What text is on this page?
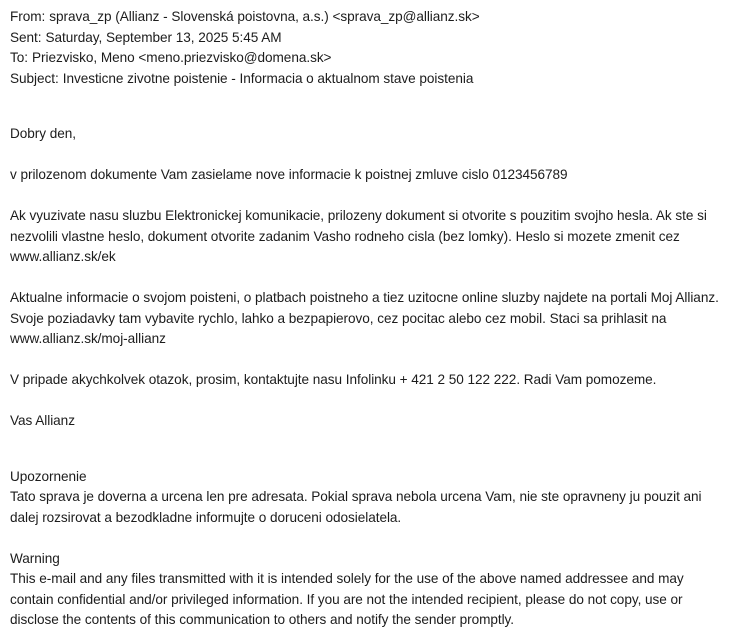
From: sprava_zp (Allianz - Slovenská poistovna, a.s.) <sprava_zp@allianz.sk>
Sent: Saturday, September 13, 2025 5:45 AM
To: Priezvisko, Meno <meno.priezvisko@domena.sk>
Subject: Investicne zivotne poistenie - Informacia o aktualnom stave poistenia

Dobry den,

v prilozenom dokumente Vam zasielame nove informacie k poistnej zmluve cislo 0123456789

Ak vyuzivate nasu sluzbu Elektronickej komunikacie, prilozeny dokument si otvorite s pouzitim svojho hesla. Ak ste si nezvolili vlastne heslo, dokument otvorite zadanim Vasho rodneho cisla (bez lomky). Heslo si mozete zmenit cez www.allianz.sk/ek

Aktualne informacie o svojom poisteni, o platbach poistneho a tiez uzitocne online sluzby najdete na portali Moj Allianz. Svoje poziadavky tam vybavite rychlo, lahko a bezpapierovo, cez pocitac alebo cez mobil. Staci sa prihlasit na www.allianz.sk/moj-allianz

V pripade akychkolvek otazok, prosim, kontaktujte nasu Infolinku + 421 2 50 122 222. Radi Vam pomozeme.

Vas Allianz

Upozornenie

Tato sprava je doverna a urcena len pre adresata. Pokial sprava nebola urcena Vam, nie ste opravneny ju pouzit ani dalej rozsirovat a bezodkladne informujte o doruceni odosielatela.

Warning

This e-mail and any files transmitted with it is intended solely for the use of the above named addressee and may contain confidential and/or privileged information. If you are not the intended recipient, please do not copy, use or disclose the contents of this communication to others and notify the sender promptly.
